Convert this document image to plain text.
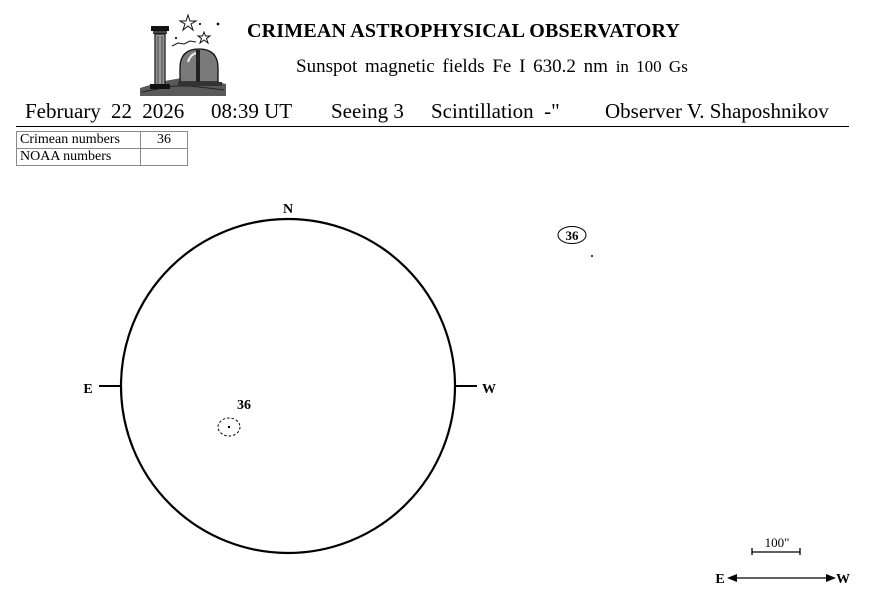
CRIMEAN ASTROPHYSICAL OBSERVATORY
Sunspot magnetic fields Fe I 630.2 nm in 100 Gs
February 22 2026 08:39 UT Seeing 3 Scintillation -" Observer V. Shaposhnikov
Crimean numbers	36
NOAA numbers	
N
E	W
36
36
100"
E	W
